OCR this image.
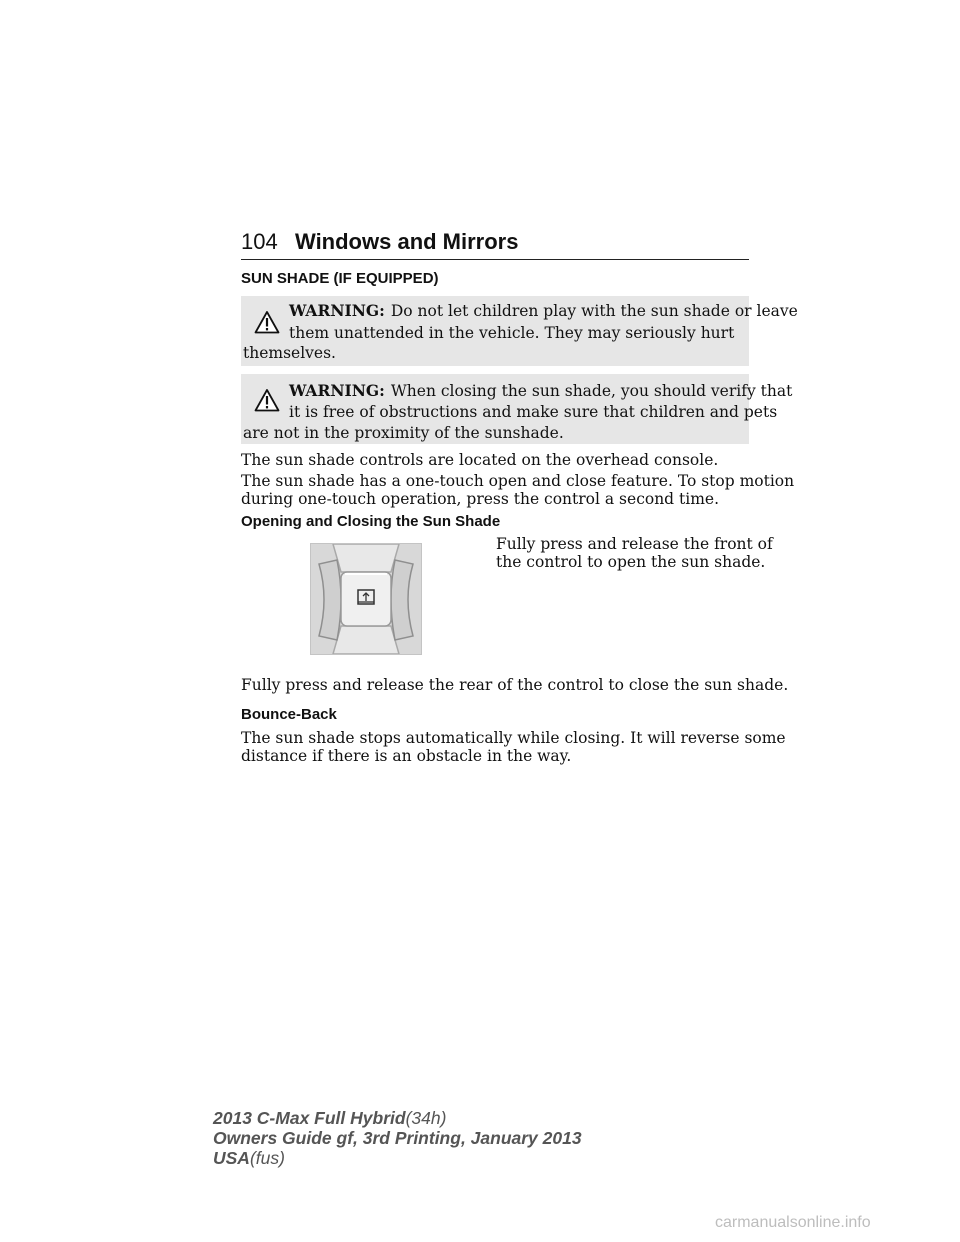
104 Windows and Mirrors
SUN SHADE (IF EQUIPPED)
WARNING: Do not let children play with the sun shade or leave
them unattended in the vehicle. They may seriously hurt
themselves.
WARNING: When closing the sun shade, you should verify that
it is free of obstructions and make sure that children and pets
are not in the proximity of the sunshade.
The sun shade controls are located on the overhead console.
The sun shade has a one-touch open and close feature. To stop motion
during one-touch operation, press the control a second time.
Opening and Closing the Sun Shade
Fully press and release the front of
the control to open the sun shade.
Fully press and release the rear of the control to close the sun shade.
Bounce-Back
The sun shade stops automatically while closing. It will reverse some
distance if there is an obstacle in the way.
2013 C-Max Full Hybrid(34h)
Owners Guide gf, 3rd Printing, January 2013
USA(fus)
carmanualsonline.info
